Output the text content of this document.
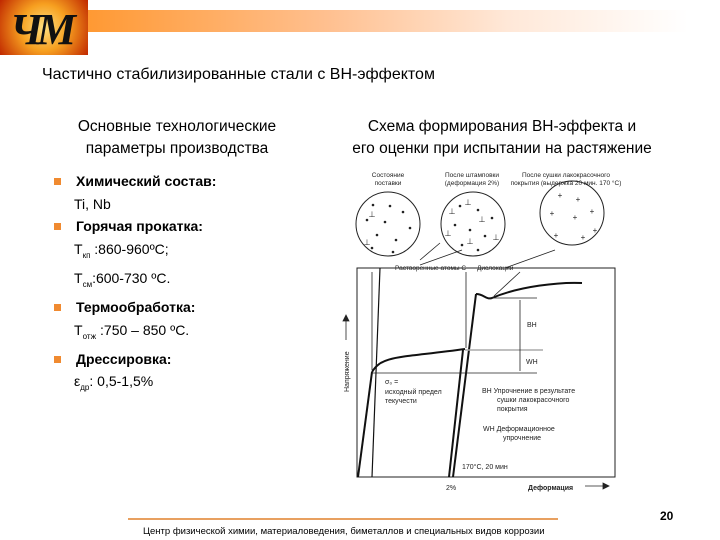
ЧМ
Частично стабилизированные стали с ВН-эффектом
Основные технологические
параметры производства
Схема формирования ВН-эффекта и
его оценки при испытании на растяжение
Химический состав:
Ti, Nb
Горячая прокатка:
$T_{кп}$ :860-960ºC;
$T_{см}:600-730$ ºC.
Термообработка:
$T_{отж}$ :750 – 850 ºC.
Дрессировка:
$\varepsilon_{др}$: 0,5-1,5%
Состояние
поставки
После штамповки
(деформация 2%)
После сушки лакокрасочного
покрытия (выдержка 20 мин. 170 °C)
⊥
⊥
⊥
⊥
⊥
⊥
⊥
⊥
+ +
+
+ +
+
+	+
Растворенные атомы C Дислокации
ВН
WH
σ₀ =
исходный предел
текучести
ВН Упрочнение в результате
сушки лакокрасочного
покрытия
WH Деформационное
упрочнение
170°C, 20 мин
2%	Деформация
Напряжение
Центр физической химии, материаловедения, биметаллов и специальных видов коррозии
20
